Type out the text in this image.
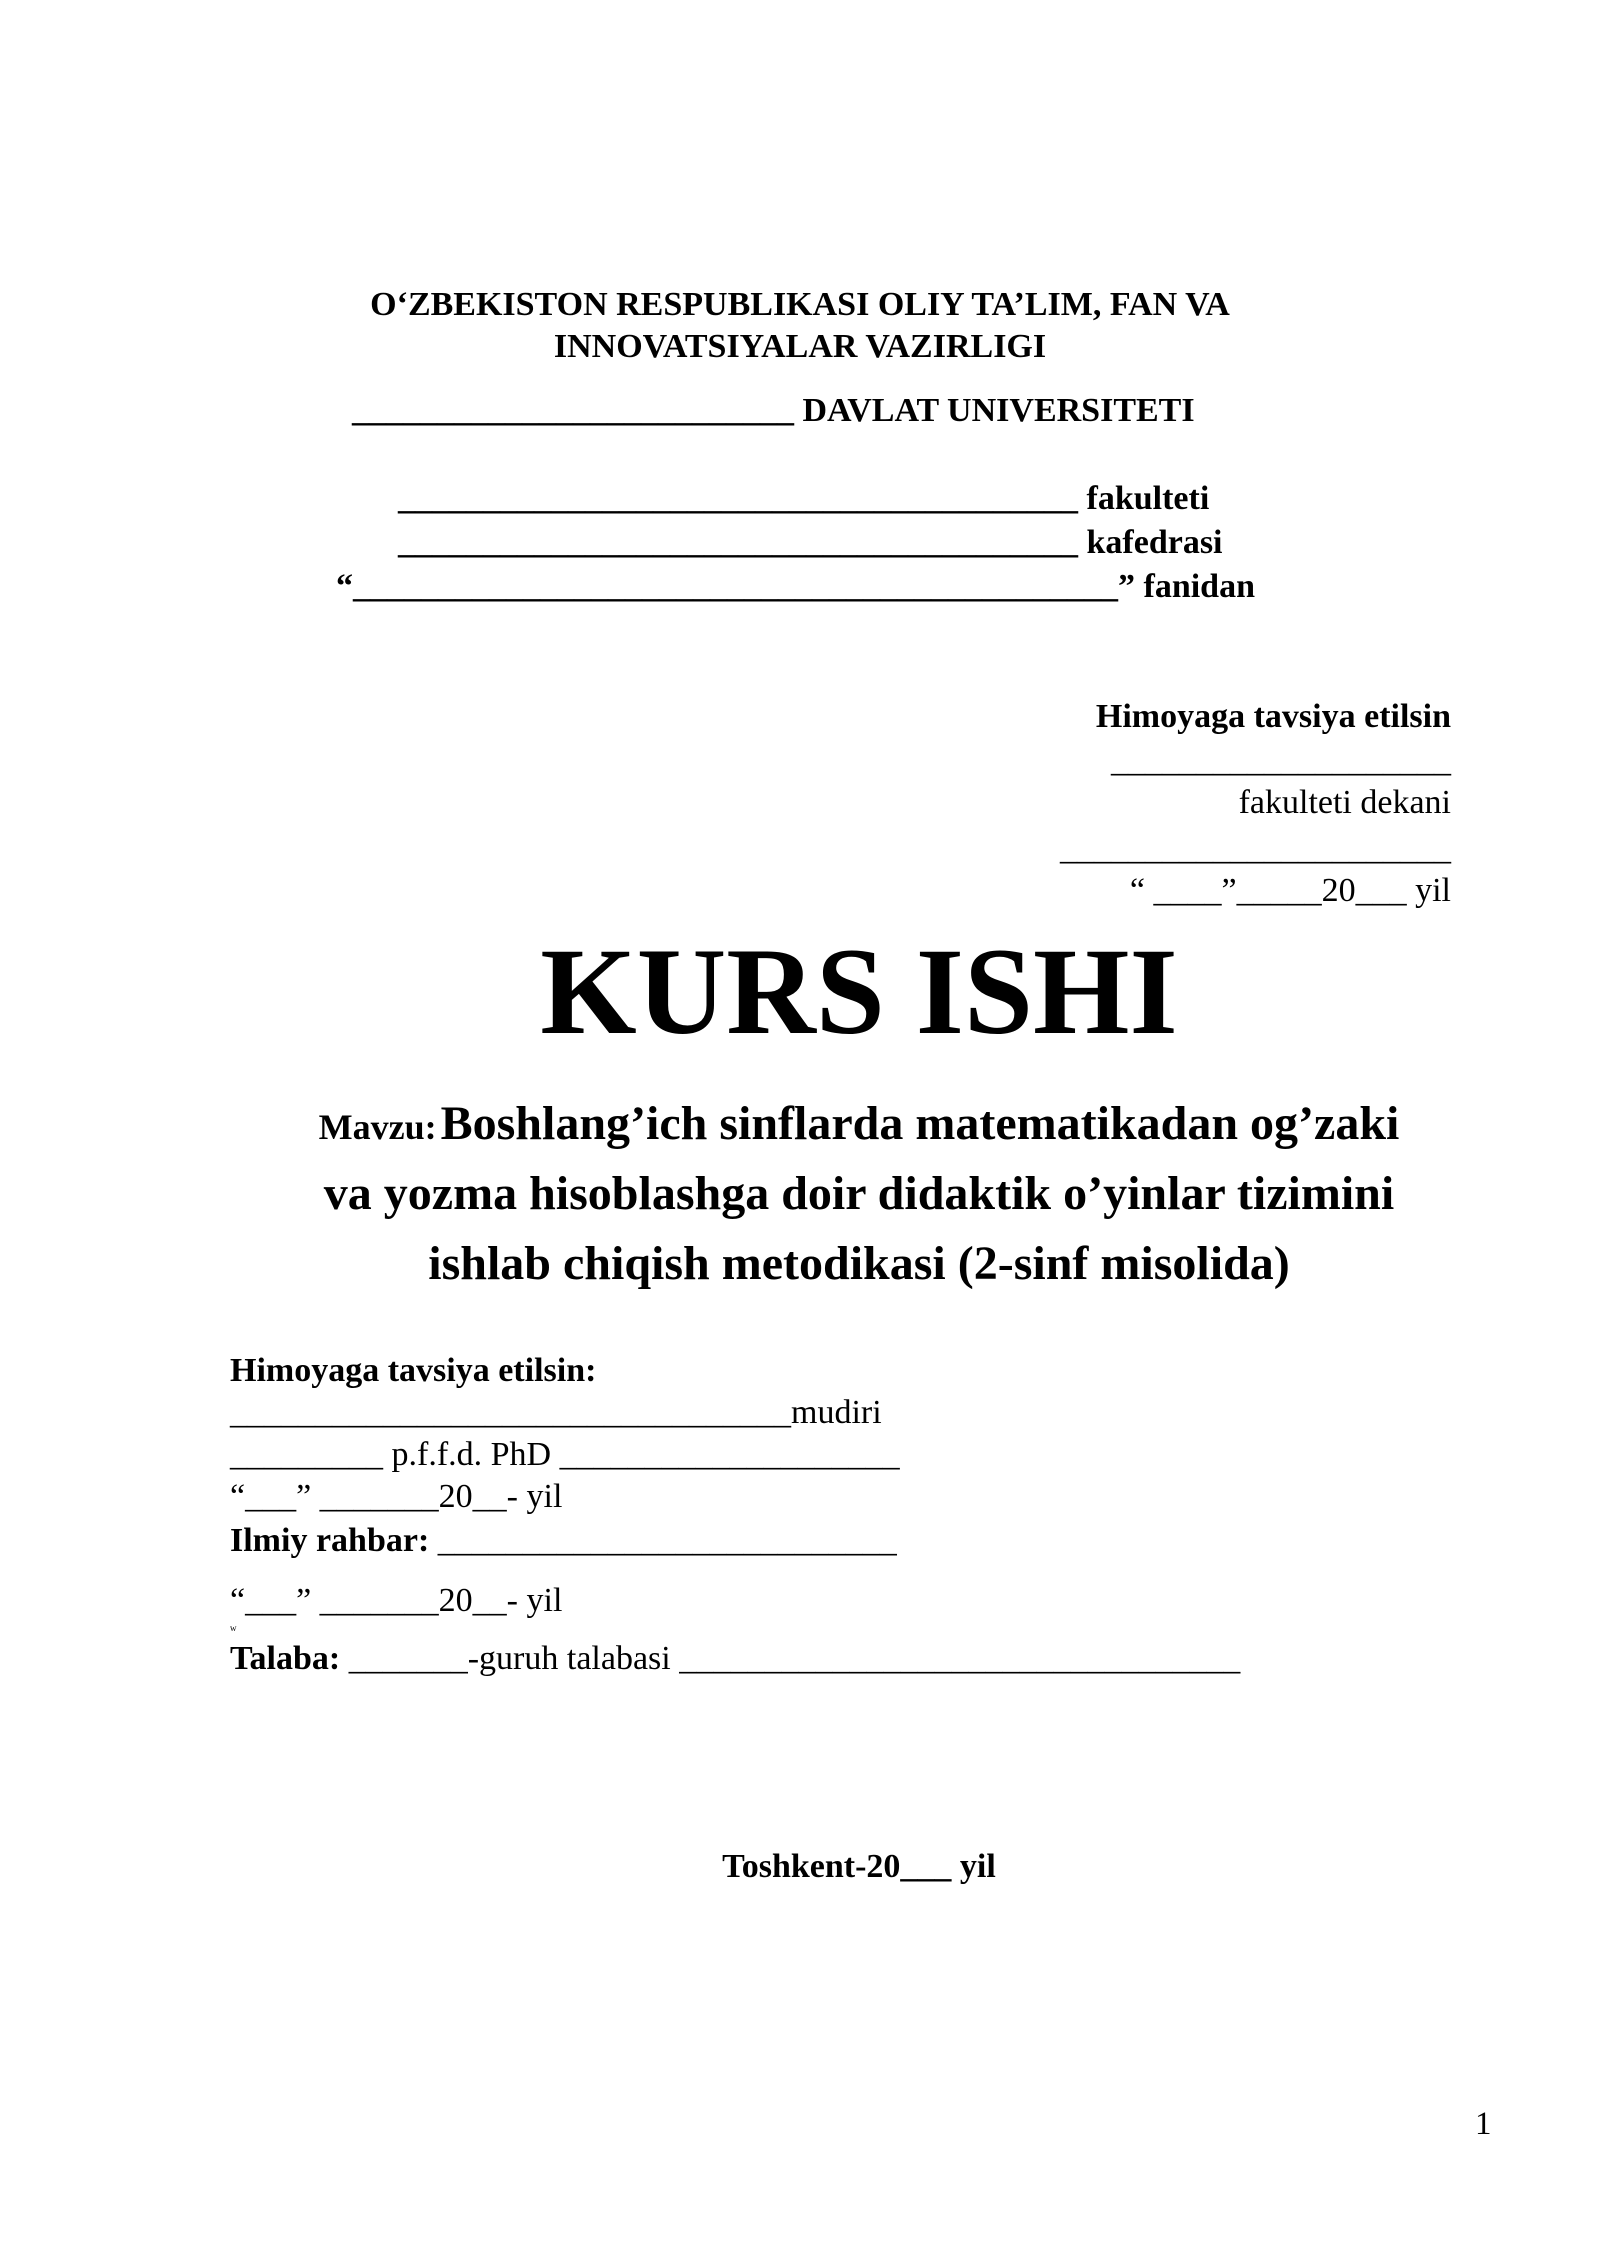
O‘ZBEKISTON RESPUBLIKASI OLIY TA’LIM, FAN VA
INNOVATSIYALAR VAZIRLIGI
__________________________ DAVLAT UNIVERSITETI
________________________________________ fakulteti
________________________________________ kafedrasi
“_____________________________________________” fanidan
Himoyaga tavsiya etilsin
____________________
fakulteti dekani
_______________________
“ ____”_____20___ yil
KURS ISHI
Mavzu: Boshlang’ich sinflarda matematikadan og’zaki
va yozma hisoblashga doir didaktik o’yinlar tizimini
ishlab chiqish metodikasi (2-sinf misolida)
Himoyaga tavsiya etilsin:
_________________________________mudiri
_________ p.f.f.d. PhD ____________________
“___” _______20__- yil
Ilmiy rahbar: ___________________________
“___” _______20__- yil
w
Talaba: _______-guruh talabasi _________________________________
Toshkent-20___ yil
1
